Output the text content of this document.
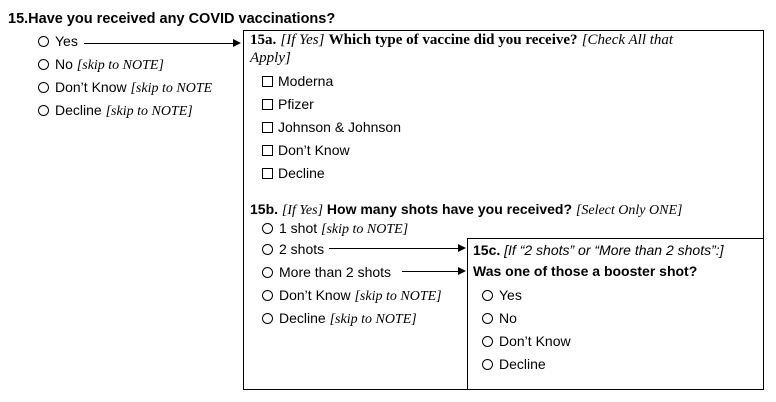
15.Have you received any COVID vaccinations?
Yes
No [skip to NOTE]
Don’t Know [skip to NOTE
Decline [skip to NOTE]
15a. [If Yes] Which type of vaccine did you receive? [Check All that
Apply]
Moderna
Pfizer
Johnson & Johnson
Don’t Know
Decline
15b. [If Yes] How many shots have you received? [Select Only ONE]
1 shot [skip to NOTE]
2 shots
More than 2 shots
Don’t Know [skip to NOTE]
Decline [skip to NOTE]
15c. [If “2 shots” or “More than 2 shots”:]
Was one of those a booster shot?
Yes
No
Don’t Know
Decline
